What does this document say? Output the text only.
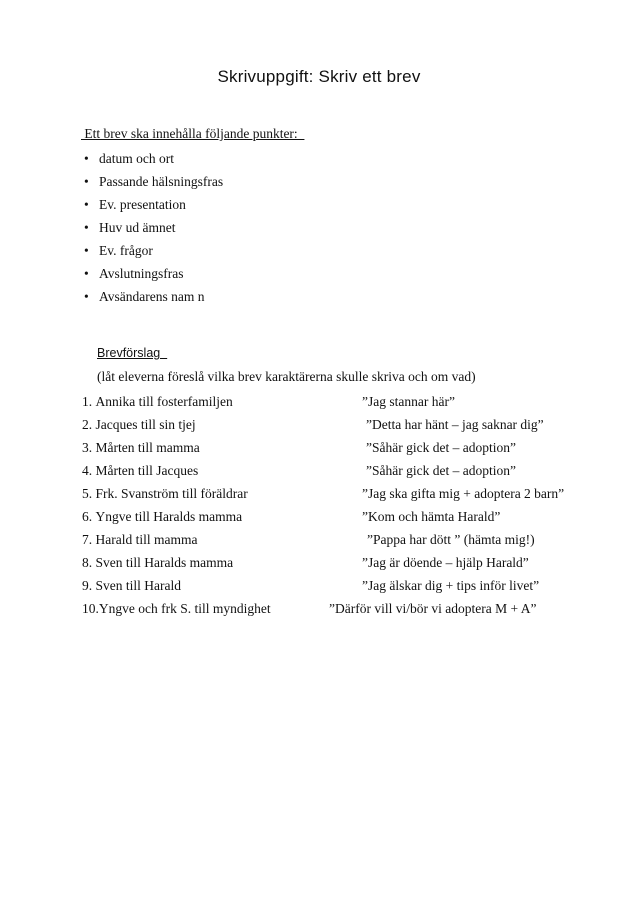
Skrivuppgift: Skriv ett brev
Ett brev ska innehålla följande punkter:
• datum och ort
• Passande hälsningsfras
• Ev. presentation
• Huv ud ämnet
• Ev. frågor
• Avslutningsfras
• Avsändarens nam n
Brevförslag
(låt eleverna föreslå vilka brev karaktärerna skulle skriva och om vad)
1. Annika till fosterfamiljen	”Jag stannar här”
2. Jacques till sin tjej	”Detta har hänt – jag saknar dig”
3. Mårten till mamma	”Såhär gick det – adoption”
4. Mårten till Jacques	”Såhär gick det – adoption”
5. Frk. Svanström till föräldrar	”Jag ska gifta mig + adoptera 2 barn”
6. Yngve till Haralds mamma	”Kom och hämta Harald”
7. Harald till mamma	”Pappa har dött ” (hämta mig!)
8. Sven till Haralds mamma	”Jag är döende – hjälp Harald”
9. Sven till Harald	”Jag älskar dig + tips inför livet”
10.Yngve och frk S. till myndighet	”Därför vill vi/bör vi adoptera M + A”
